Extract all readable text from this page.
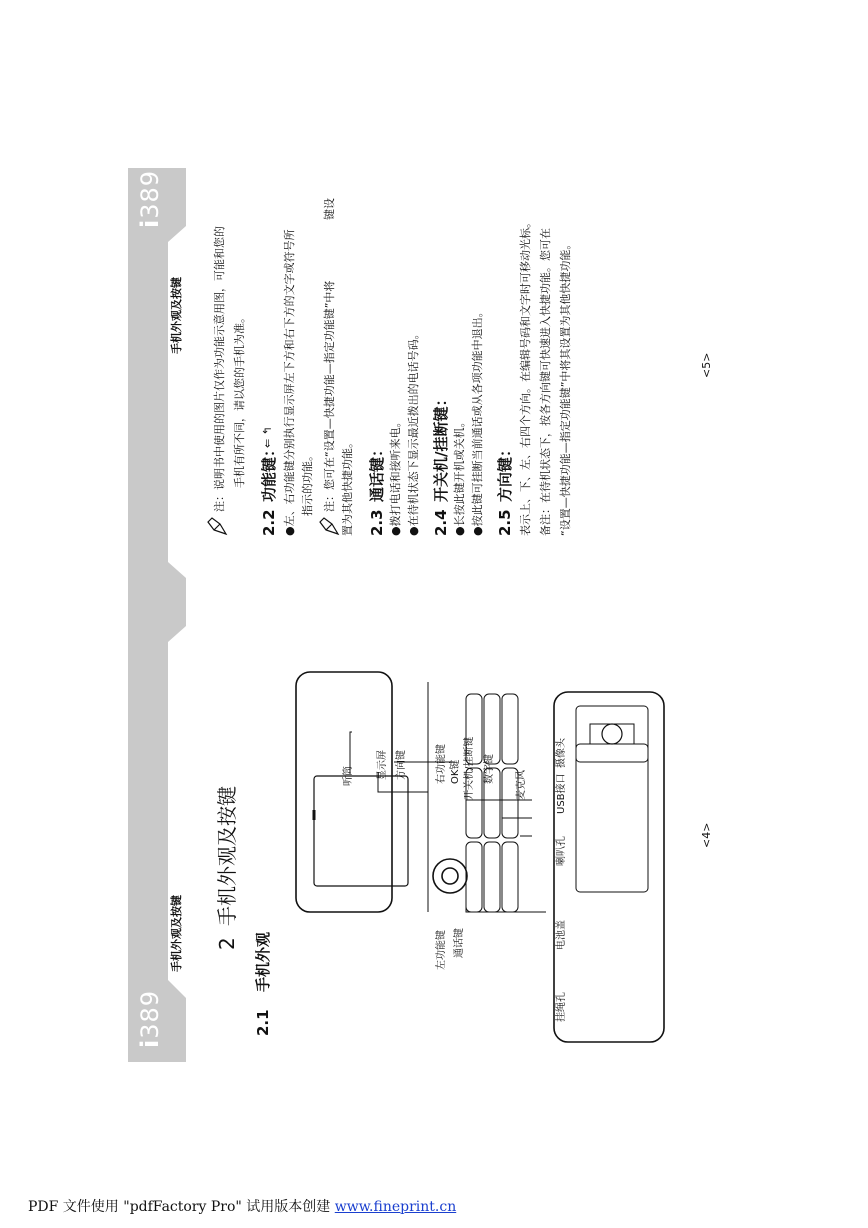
i389
i389
手机外观及按键
手机外观及按键
2
手机外观及按键
2.1
手机外观
听筒	显示屏 方向键	右功能键 OK键 开关机/挂断键 数字键
麦克风
左功能键 通话键
挂绳孔
电池盖
喇叭孔
USB接口
摄像头
<4>
注：说明书中使用的图片仅作为功能示意用图，可能和您的 手机有所不同，请以您的手机为准。
2.2
功能键：
⇐ ↰ ●左、右功能键分别执行显示屏左下方和右下方的文字或符号所 指示的功能。 注：您可在“设置—快捷功能—指定功能键”中将
键设
置为其他快捷功能。 2.3
通话键： ●拨打电话和接听来电。 ●在待机状态下显示最近拨出的电话号码。 2.4
开关机/挂断键： ●长按此键开机或关机。 ●按此键可挂断当前通话或从各项功能中退出。 2.5
方向键： 表示上、下、左、右四个方向。在编辑号码和文字时可移动光标。 备注：在待机状态下，按各方向键可快速进入快捷功能。您可在 “设置—快捷功能—指定功能键”中将其设置为其他快捷功能。	<5>
PDF 文件使用 "pdfFactory Pro" 试用版本创建 www.fineprint.cn
